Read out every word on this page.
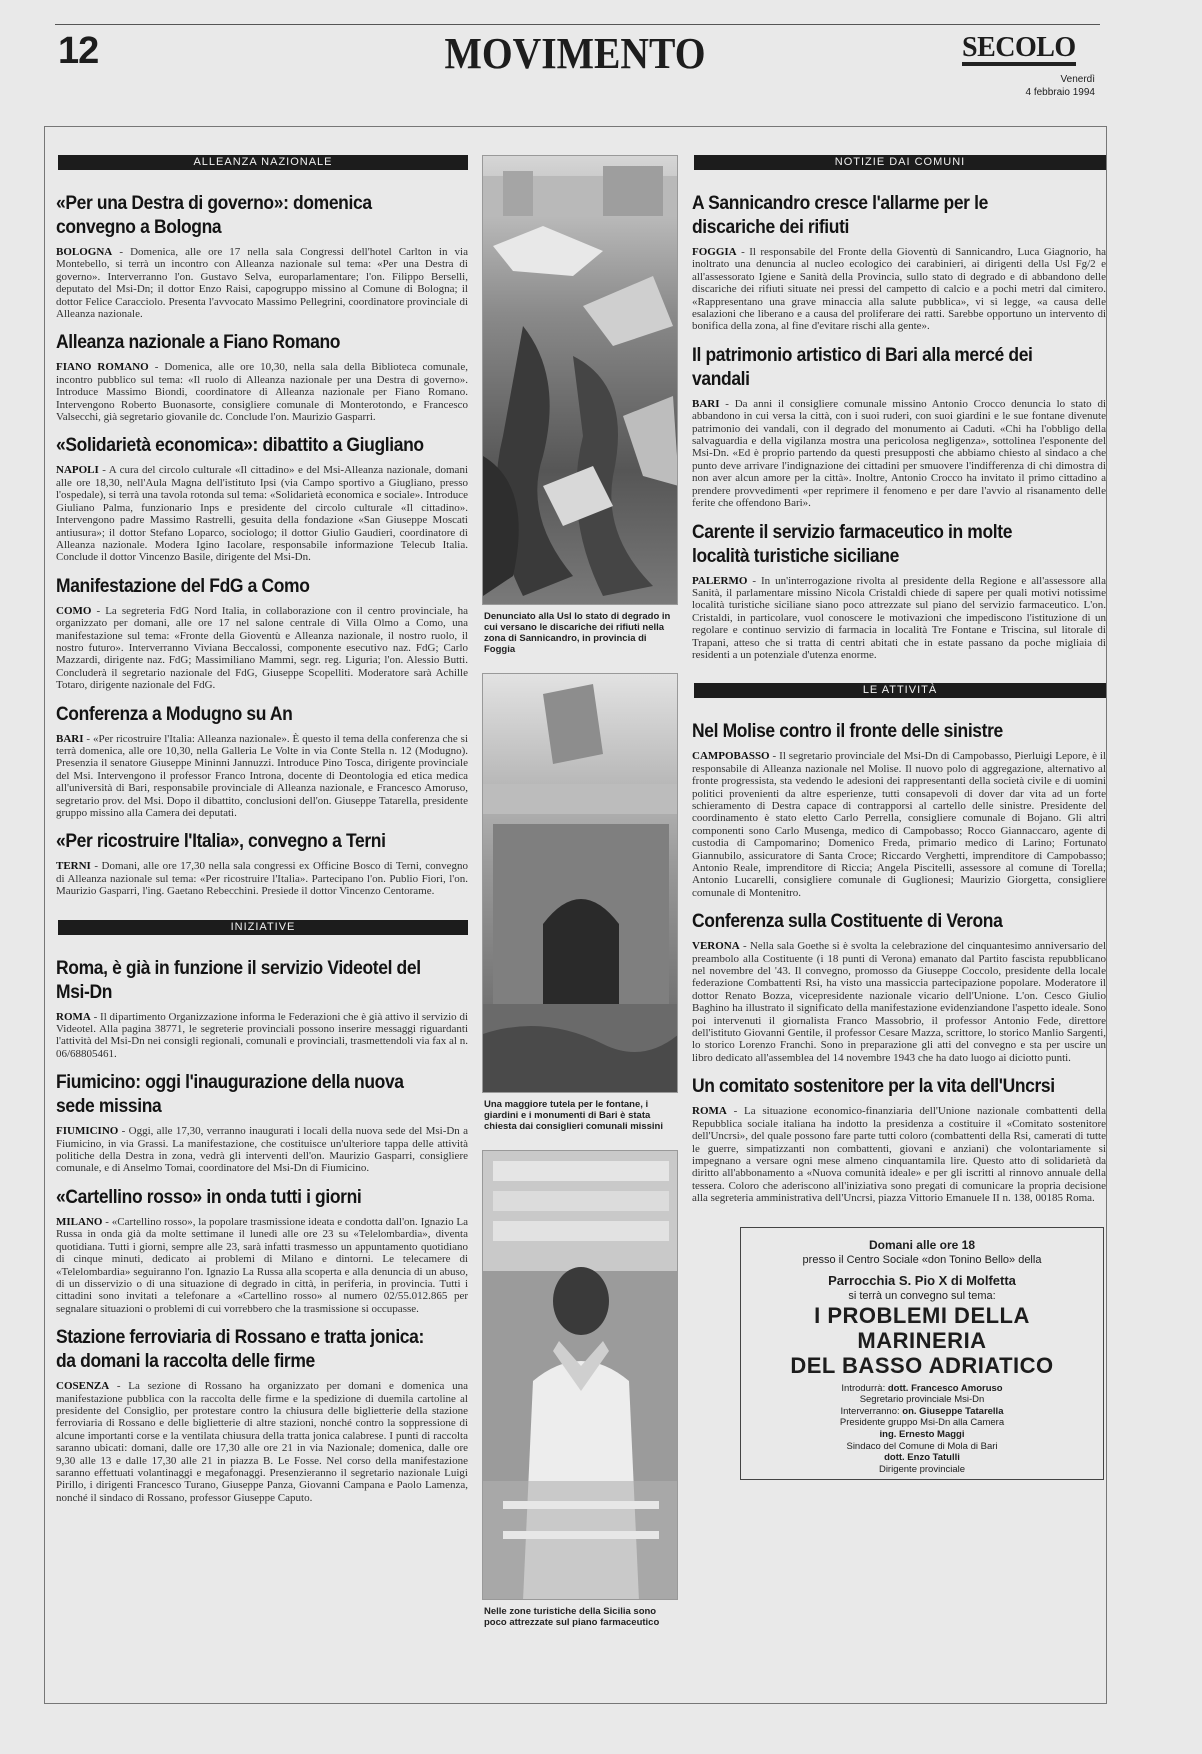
12	MOVIMENTO	SECOLO
Venerdì
4 febbraio 1994
ALLEANZA NAZIONALE
«Per una Destra di governo»: domenica convegno a Bologna
BOLOGNA - Domenica, alle ore 17 nella sala Congressi dell'hotel Carlton in via Montebello, si terrà un incontro con Alleanza nazionale sul tema: «Per una Destra di governo». Interverranno l'on. Gustavo Selva, europarlamentare; l'on. Filippo Berselli, deputato del Msi-Dn; il dottor Enzo Raisi, capogruppo missino al Comune di Bologna; il dottor Felice Caracciolo. Presenta l'avvocato Massimo Pellegrini, coordinatore provinciale di Alleanza nazionale.
Alleanza nazionale a Fiano Romano
FIANO ROMANO - Domenica, alle ore 10,30, nella sala della Biblioteca comunale, incontro pubblico sul tema: «Il ruolo di Alleanza nazionale per una Destra di governo». Introduce Massimo Biondi, coordinatore di Alleanza nazionale per Fiano Romano. Intervengono Roberto Buonasorte, consigliere comunale di Monterotondo, e Francesco Valsecchi, già segretario giovanile dc. Conclude l'on. Maurizio Gasparri.
«Solidarietà economica»: dibattito a Giugliano
NAPOLI - A cura del circolo culturale «Il cittadino» e del Msi-Alleanza nazionale, domani alle ore 18,30, nell'Aula Magna dell'istituto Ipsi (via Campo sportivo a Giugliano, presso l'ospedale), si terrà una tavola rotonda sul tema: «Solidarietà economica e sociale». Introduce Giuliano Palma, funzionario Inps e presidente del circolo culturale «Il cittadino». Intervengono padre Massimo Rastrelli, gesuita della fondazione «San Giuseppe Moscati antiusura»; il dottor Stefano Loparco, sociologo; il dottor Giulio Gaudieri, coordinatore di Alleanza nazionale. Modera Igino Iacolare, responsabile informazione Telecub Italia. Conclude il dottor Vincenzo Basile, dirigente del Msi-Dn.
Manifestazione del FdG a Como
COMO - La segreteria FdG Nord Italia, in collaborazione con il centro provinciale, ha organizzato per domani, alle ore 17 nel salone centrale di Villa Olmo a Como, una manifestazione sul tema: «Fronte della Gioventù e Alleanza nazionale, il nostro ruolo, il nostro futuro». Interverranno Viviana Beccalossi, componente esecutivo naz. FdG; Carlo Mazzardi, dirigente naz. FdG; Massimiliano Mammi, segr. reg. Liguria; l'on. Alessio Butti. Concluderà il segretario nazionale del FdG, Giuseppe Scopelliti. Moderatore sarà Achille Totaro, dirigente nazionale del FdG.
Conferenza a Modugno su An
BARI - «Per ricostruire l'Italia: Alleanza nazionale». È questo il tema della conferenza che si terrà domenica, alle ore 10,30, nella Galleria Le Volte in via Conte Stella n. 12 (Modugno). Presenzia il senatore Giuseppe Mininni Jannuzzi. Introduce Pino Tosca, dirigente provinciale del Msi. Intervengono il professor Franco Introna, docente di Deontologia ed etica medica all'università di Bari, responsabile provinciale di Alleanza nazionale, e Francesco Amoruso, segretario prov. del Msi. Dopo il dibattito, conclusioni dell'on. Giuseppe Tatarella, presidente gruppo missino alla Camera dei deputati.
«Per ricostruire l'Italia», convegno a Terni
TERNI - Domani, alle ore 17,30 nella sala congressi ex Officine Bosco di Terni, convegno di Alleanza nazionale sul tema: «Per ricostruire l'Italia». Partecipano l'on. Publio Fiori, l'on. Maurizio Gasparri, l'ing. Gaetano Rebecchini. Presiede il dottor Vincenzo Centorame.
INIZIATIVE
Roma, è già in funzione il servizio Videotel del Msi-Dn
ROMA - Il dipartimento Organizzazione informa le Federazioni che è già attivo il servizio di Videotel. Alla pagina 38771, le segreterie provinciali possono inserire messaggi riguardanti l'attività del Msi-Dn nei consigli regionali, comunali e provinciali, trasmettendoli via fax al n. 06/68805461.
Fiumicino: oggi l'inaugurazione della nuova sede missina
FIUMICINO - Oggi, alle 17,30, verranno inaugurati i locali della nuova sede del Msi-Dn a Fiumicino, in via Grassi. La manifestazione, che costituisce un'ulteriore tappa delle attività politiche della Destra in zona, vedrà gli interventi dell'on. Maurizio Gasparri, consigliere comunale, e di Anselmo Tomai, coordinatore del Msi-Dn di Fiumicino.
«Cartellino rosso» in onda tutti i giorni
MILANO - «Cartellino rosso», la popolare trasmissione ideata e condotta dall'on. Ignazio La Russa in onda già da molte settimane il lunedì alle ore 23 su «Telelombardia», diventa quotidiana. Tutti i giorni, sempre alle 23, sarà infatti trasmesso un appuntamento quotidiano di cinque minuti, dedicato ai problemi di Milano e dintorni. Le telecamere di «Telelombardia» seguiranno l'on. Ignazio La Russa alla scoperta e alla denuncia di un abuso, di un disservizio o di una situazione di degrado in città, in periferia, in provincia. Tutti i cittadini sono invitati a telefonare a «Cartellino rosso» al numero 02/55.012.865 per segnalare situazioni o problemi di cui vorrebbero che la trasmissione si occupasse.
Stazione ferroviaria di Rossano e tratta jonica: da domani la raccolta delle firme
COSENZA - La sezione di Rossano ha organizzato per domani e domenica una manifestazione pubblica con la raccolta delle firme e la spedizione di duemila cartoline al presidente del Consiglio, per protestare contro la chiusura delle biglietterie della stazione ferroviaria di Rossano e delle biglietterie di altre stazioni, nonché contro la soppressione di alcune importanti corse e la ventilata chiusura della tratta jonica calabrese. I punti di raccolta saranno ubicati: domani, dalle ore 17,30 alle ore 21 in via Nazionale; domenica, dalle ore 9,30 alle 13 e dalle 17,30 alle 21 in piazza B. Le Fosse. Nel corso della manifestazione saranno effettuati volantinaggi e megafonaggi. Presenzieranno il segretario nazionale Luigi Pirillo, i dirigenti Francesco Turano, Giuseppe Panza, Giovanni Campana e Paolo Lamenza, nonché il sindaco di Rossano, professor Giuseppe Caputo.
Denunciato alla Usl lo stato di degrado in cui versano le discariche dei rifiuti nella zona di Sannicandro, in provincia di Foggia
Una maggiore tutela per le fontane, i giardini e i monumenti di Bari è stata chiesta dai consiglieri comunali missini
Nelle zone turistiche della Sicilia sono poco attrezzate sul piano farmaceutico
NOTIZIE DAI COMUNI
A Sannicandro cresce l'allarme per le discariche dei rifiuti
FOGGIA - Il responsabile del Fronte della Gioventù di Sannicandro, Luca Giagnorio, ha inoltrato una denuncia al nucleo ecologico dei carabinieri, ai dirigenti della Usl Fg/2 e all'assessorato Igiene e Sanità della Provincia, sullo stato di degrado e di abbandono delle discariche dei rifiuti situate nei pressi del campetto di calcio e a pochi metri dal cimitero. «Rappresentano una grave minaccia alla salute pubblica», vi si legge, «a causa delle esalazioni che liberano e a causa del proliferare dei ratti. Sarebbe opportuno un intervento di bonifica della zona, al fine d'evitare rischi alla gente».
Il patrimonio artistico di Bari alla mercé dei vandali
BARI - Da anni il consigliere comunale missino Antonio Crocco denuncia lo stato di abbandono in cui versa la città, con i suoi ruderi, con suoi giardini e le sue fontane divenute patrimonio dei vandali, con il degrado del monumento ai Caduti. «Chi ha l'obbligo della salvaguardia e della vigilanza mostra una pericolosa negligenza», sottolinea l'esponente del Msi-Dn. «Ed è proprio partendo da questi presupposti che abbiamo chiesto al sindaco a che punto deve arrivare l'indignazione dei cittadini per smuovere l'indifferenza di chi dimostra di non aver alcun amore per la città». Inoltre, Antonio Crocco ha invitato il primo cittadino a prendere provvedimenti «per reprimere il fenomeno e per dare l'avvio al risanamento delle ferite che offendono Bari».
Carente il servizio farmaceutico in molte località turistiche siciliane
PALERMO - In un'interrogazione rivolta al presidente della Regione e all'assessore alla Sanità, il parlamentare missino Nicola Cristaldi chiede di sapere per quali motivi notissime località turistiche siciliane siano poco attrezzate sul piano del servizio farmaceutico. L'on. Cristaldi, in particolare, vuol conoscere le motivazioni che impediscono l'istituzione di un regolare e continuo servizio di farmacia in località Tre Fontane e Triscina, sul litorale di Trapani, atteso che si tratta di centri abitati che in estate passano da poche migliaia di residenti a un potenziale d'utenza enorme.
LE ATTIVITÀ
Nel Molise contro il fronte delle sinistre
CAMPOBASSO - Il segretario provinciale del Msi-Dn di Campobasso, Pierluigi Lepore, è il responsabile di Alleanza nazionale nel Molise. Il nuovo polo di aggregazione, alternativo al fronte progressista, sta vedendo le adesioni dei rappresentanti della società civile e di uomini politici provenienti da altre esperienze, tutti consapevoli di dover dar vita ad un forte schieramento di Destra capace di contrapporsi al cartello delle sinistre. Presidente del coordinamento è stato eletto Carlo Perrella, consigliere comunale di Bojano. Gli altri componenti sono Carlo Musenga, medico di Campobasso; Rocco Giannaccaro, agente di custodia di Campomarino; Domenico Freda, primario medico di Larino; Fortunato Giannubilo, assicuratore di Santa Croce; Riccardo Verghetti, imprenditore di Campobasso; Antonio Reale, imprenditore di Riccia; Angela Piscitelli, assessore al comune di Torella; Antonio Lucarelli, consigliere comunale di Guglionesi; Maurizio Giorgetta, consigliere comunale di Montenitro.
Conferenza sulla Costituente di Verona
VERONA - Nella sala Goethe si è svolta la celebrazione del cinquantesimo anniversario del preambolo alla Costituente (i 18 punti di Verona) emanato dal Partito fascista repubblicano nel novembre del '43. Il convegno, promosso da Giuseppe Coccolo, presidente della locale federazione Combattenti Rsi, ha visto una massiccia partecipazione popolare. Moderatore il dottor Renato Bozza, vicepresidente nazionale vicario dell'Unione. L'on. Cesco Giulio Baghino ha illustrato il significato della manifestazione evidenziandone l'aspetto ideale. Sono poi intervenuti il giornalista Franco Massobrio, il professor Antonio Fede, direttore dell'istituto Giovanni Gentile, il professor Cesare Mazza, scrittore, lo storico Manlio Sargenti, lo storico Lorenzo Franchi. Sono in preparazione gli atti del convegno e sta per uscire un libro dedicato all'assemblea del 14 novembre 1943 che ha dato luogo ai diciotto punti.
Un comitato sostenitore per la vita dell'Uncrsi
ROMA - La situazione economico-finanziaria dell'Unione nazionale combattenti della Repubblica sociale italiana ha indotto la presidenza a costituire il «Comitato sostenitore dell'Uncrsi», del quale possono fare parte tutti coloro (combattenti della Rsi, camerati di tutte le guerre, simpatizzanti non combattenti, giovani e anziani) che volontariamente si impegnano a versare ogni mese almeno cinquantamila lire. Questo atto di solidarietà da diritto all'abbonamento a «Nuova comunità ideale» e per gli iscritti al rinnovo annuale della tessera. Coloro che aderiscono all'iniziativa sono pregati di comunicare la propria decisione alla segreteria amministrativa dell'Uncrsi, piazza Vittorio Emanuele II n. 138, 00185 Roma.
Domani alle ore 18
presso il Centro Sociale «don Tonino Bello» della
Parrocchia S. Pio X di Molfetta
si terrà un convegno sul tema:
I PROBLEMI DELLA
MARINERIA
DEL BASSO ADRIATICO
Introdurrà: dott. Francesco Amoruso
Segretario provinciale Msi-Dn
Interverranno: on. Giuseppe Tatarella
Presidente gruppo Msi-Dn alla Camera
ing. Ernesto Maggi
Sindaco del Comune di Mola di Bari
dott. Enzo Tatulli
Dirigente provinciale
